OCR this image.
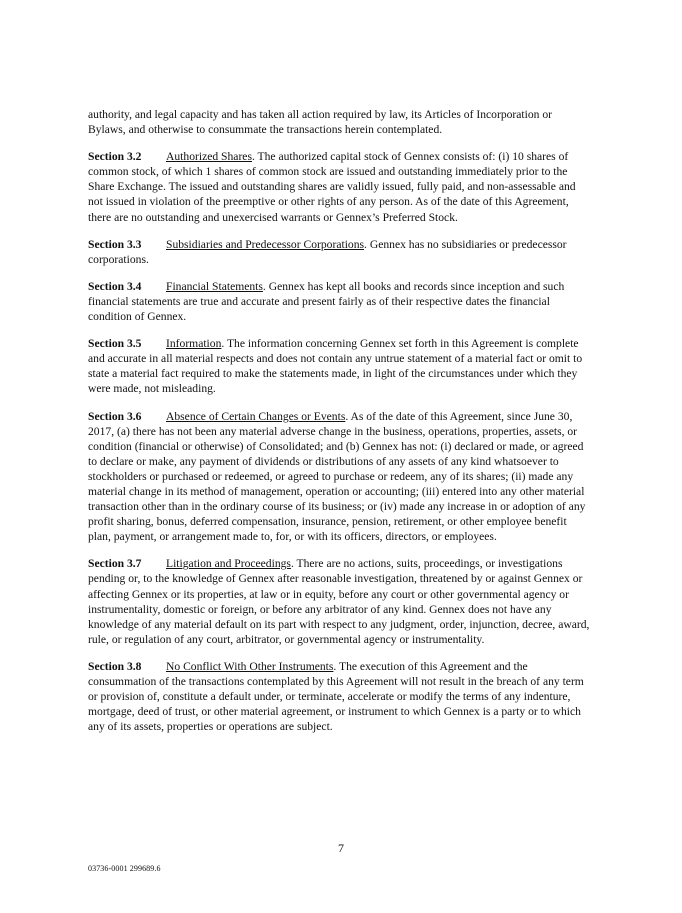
authority, and legal capacity and has taken all action required by law, its Articles of Incorporation or Bylaws, and otherwise to consummate the transactions herein contemplated.

Section 3.2 Authorized Shares. The authorized capital stock of Gennex consists of: (i) 10 shares of common stock, of which 1 shares of common stock are issued and outstanding immediately prior to the Share Exchange. The issued and outstanding shares are validly issued, fully paid, and non-assessable and not issued in violation of the preemptive or other rights of any person. As of the date of this Agreement, there are no outstanding and unexercised warrants or Gennex’s Preferred Stock.

Section 3.3 Subsidiaries and Predecessor Corporations. Gennex has no subsidiaries or predecessor corporations.

Section 3.4 Financial Statements. Gennex has kept all books and records since inception and such financial statements are true and accurate and present fairly as of their respective dates the financial condition of Gennex.

Section 3.5 Information. The information concerning Gennex set forth in this Agreement is complete and accurate in all material respects and does not contain any untrue statement of a material fact or omit to state a material fact required to make the statements made, in light of the circumstances under which they were made, not misleading.

Section 3.6 Absence of Certain Changes or Events. As of the date of this Agreement, since June 30, 2017, (a) there has not been any material adverse change in the business, operations, properties, assets, or condition (financial or otherwise) of Consolidated; and (b) Gennex has not: (i) declared or made, or agreed to declare or make, any payment of dividends or distributions of any assets of any kind whatsoever to stockholders or purchased or redeemed, or agreed to purchase or redeem, any of its shares; (ii) made any material change in its method of management, operation or accounting; (iii) entered into any other material transaction other than in the ordinary course of its business; or (iv) made any increase in or adoption of any profit sharing, bonus, deferred compensation, insurance, pension, retirement, or other employee benefit plan, payment, or arrangement made to, for, or with its officers, directors, or employees.

Section 3.7 Litigation and Proceedings. There are no actions, suits, proceedings, or investigations pending or, to the knowledge of Gennex after reasonable investigation, threatened by or against Gennex or affecting Gennex or its properties, at law or in equity, before any court or other governmental agency or instrumentality, domestic or foreign, or before any arbitrator of any kind. Gennex does not have any knowledge of any material default on its part with respect to any judgment, order, injunction, decree, award, rule, or regulation of any court, arbitrator, or governmental agency or instrumentality.

Section 3.8 No Conflict With Other Instruments. The execution of this Agreement and the consummation of the transactions contemplated by this Agreement will not result in the breach of any term or provision of, constitute a default under, or terminate, accelerate or modify the terms of any indenture, mortgage, deed of trust, or other material agreement, or instrument to which Gennex is a party or to which any of its assets, properties or operations are subject.

7
03736-0001 299689.6
